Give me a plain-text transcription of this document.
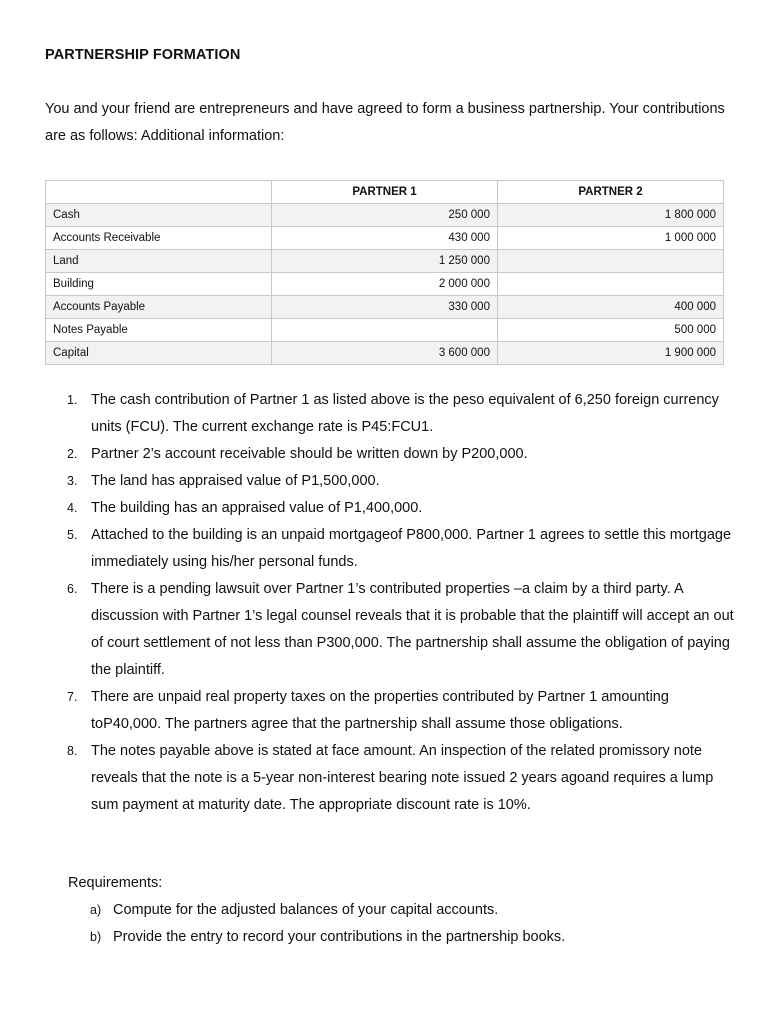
PARTNERSHIP FORMATION
You and your friend are entrepreneurs and have agreed to form a business partnership. Your contributions are as follows: Additional information:
	PARTNER 1	PARTNER 2
Cash	250 000	1 800 000
Accounts Receivable	430 000	1 000 000
Land	1 250 000	
Building	2 000 000	
Accounts Payable	330 000	400 000
Notes Payable		500 000
Capital	3 600 000	1 900 000
1. The cash contribution of Partner 1 as listed above is the peso equivalent of 6,250 foreign currency units (FCU). The current exchange rate is P45:FCU1.
2. Partner 2’s account receivable should be written down by P200,000.
3. The land has appraised value of P1,500,000.
4. The building has an appraised value of P1,400,000.
5. Attached to the building is an unpaid mortgageof P800,000. Partner 1 agrees to settle this mortgage immediately using his/her personal funds.
6. There is a pending lawsuit over Partner 1’s contributed properties –a claim by a third party. A discussion with Partner 1’s legal counsel reveals that it is probable that the plaintiff will accept an out of court settlement of not less than P300,000. The partnership shall assume the obligation of paying the plaintiff.
7. There are unpaid real property taxes on the properties contributed by Partner 1 amounting toP40,000. The partners agree that the partnership shall assume those obligations.
8. The notes payable above is stated at face amount. An inspection of the related promissory note reveals that the note is a 5-year non-interest bearing note issued 2 years agoand requires a lump sum payment at maturity date. The appropriate discount rate is 10%.
Requirements:
a) Compute for the adjusted balances of your capital accounts.
b) Provide the entry to record your contributions in the partnership books.
